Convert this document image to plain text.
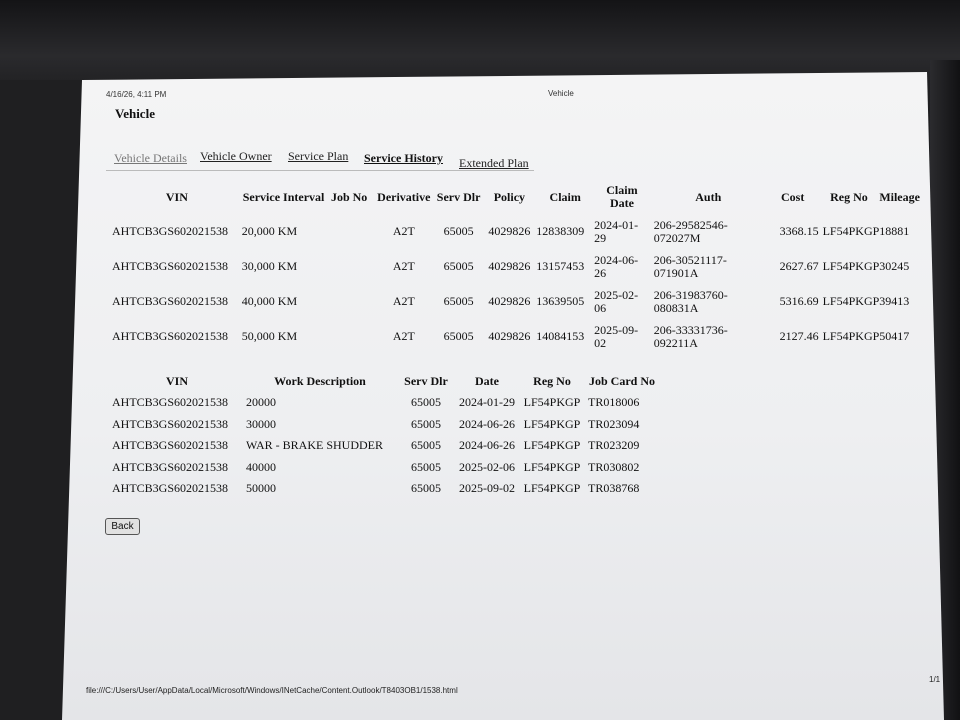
4/16/26, 4:11 PM	Vehicle
Vehicle
Vehicle Details Vehicle Owner Service Plan Service History Extended Plan
VIN	Service Interval	Job No	Derivative	Serv Dlr	Policy	Claim	Claim Date	Auth	Cost	Reg No	Mileage
AHTCB3GS602021538	20,000 KM		A2T	65005	4029826	12838309	2024-01-29	206-29582546-072027M	3368.15	LF54PKGP	18881
AHTCB3GS602021538	30,000 KM		A2T	65005	4029826	13157453	2024-06-26	206-30521117-071901A	2627.67	LF54PKGP	30245
AHTCB3GS602021538	40,000 KM		A2T	65005	4029826	13639505	2025-02-06	206-31983760-080831A	5316.69	LF54PKGP	39413
AHTCB3GS602021538	50,000 KM		A2T	65005	4029826	14084153	2025-09-02	206-33331736-092211A	2127.46	LF54PKGP	50417
VIN	Work Description	Serv Dlr	Date	Reg No	Job Card No
AHTCB3GS602021538	20000	65005	2024-01-29	LF54PKGP	TR018006
AHTCB3GS602021538	30000	65005	2024-06-26	LF54PKGP	TR023094
AHTCB3GS602021538	WAR - BRAKE SHUDDER	65005	2024-06-26	LF54PKGP	TR023209
AHTCB3GS602021538	40000	65005	2025-02-06	LF54PKGP	TR030802
AHTCB3GS602021538	50000	65005	2025-09-02	LF54PKGP	TR038768
Back
file:///C:/Users/User/AppData/Local/Microsoft/Windows/INetCache/Content.Outlook/T8403OB1/1538.html
1/1
